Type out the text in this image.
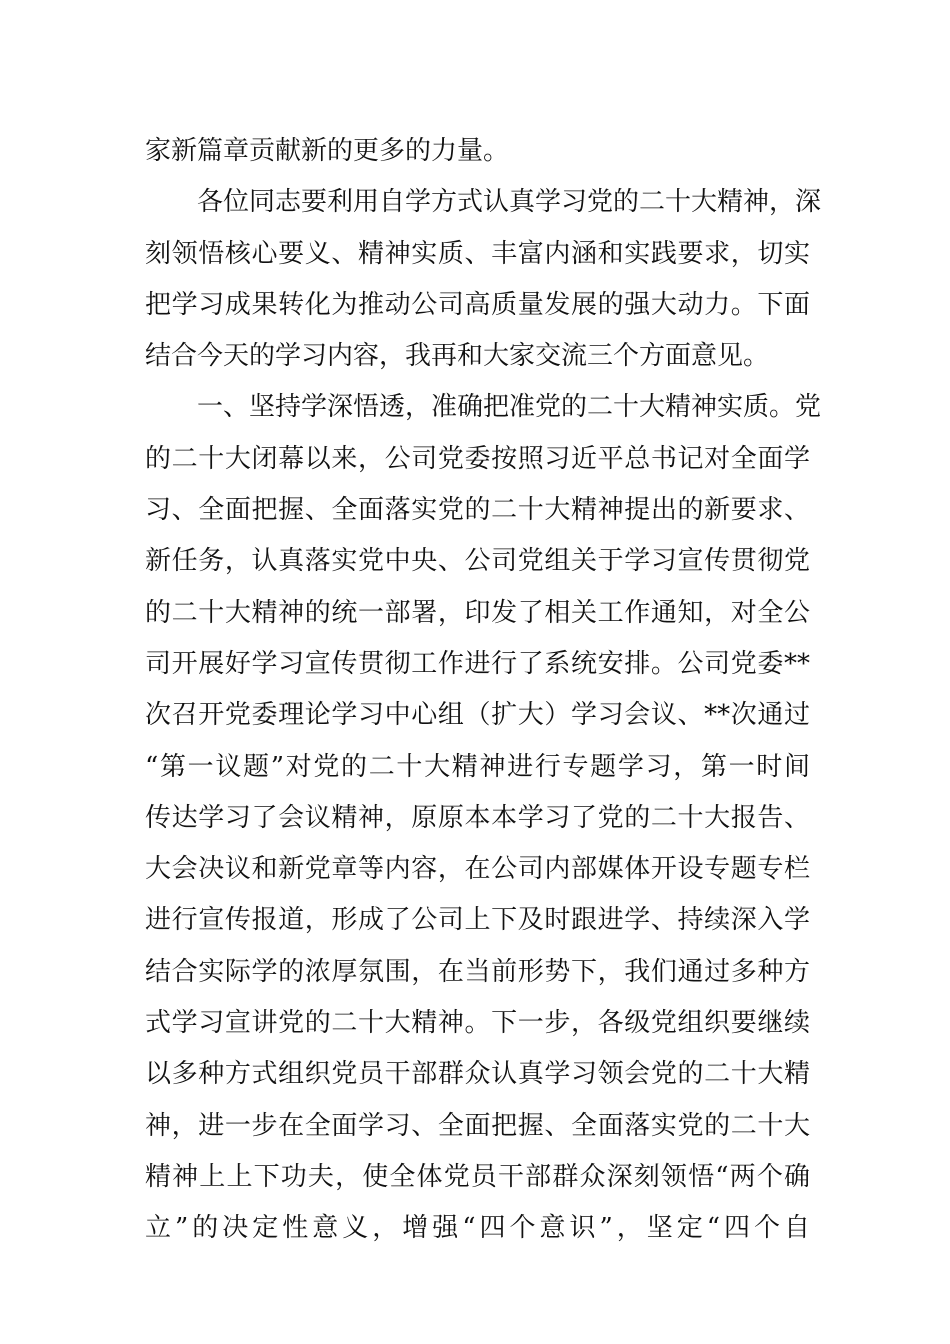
家新篇章贡献新的更多的力量。
　　各位同志要利用自学方式认真学习党的二十大精神，深
刻领悟核心要义、精神实质、丰富内涵和实践要求，切实
把学习成果转化为推动公司高质量发展的强大动力。下面
结合今天的学习内容，我再和大家交流三个方面意见。
　　一、坚持学深悟透，准确把准党的二十大精神实质。党
的二十大闭幕以来，公司党委按照习近平总书记对全面学
习、全面把握、全面落实党的二十大精神提出的新要求、
新任务，认真落实党中央、公司党组关于学习宣传贯彻党
的二十大精神的统一部署，印发了相关工作通知，对全公
司开展好学习宣传贯彻工作进行了系统安排。公司党委**
次召开党委理论学习中心组（扩大）学习会议、**次通过
“第一议题”对党的二十大精神进行专题学习，第一时间
传达学习了会议精神，原原本本学习了党的二十大报告、
大会决议和新党章等内容，在公司内部媒体开设专题专栏
进行宣传报道，形成了公司上下及时跟进学、持续深入学
结合实际学的浓厚氛围，在当前形势下，我们通过多种方
式学习宣讲党的二十大精神。下一步，各级党组织要继续
以多种方式组织党员干部群众认真学习领会党的二十大精
神，进一步在全面学习、全面把握、全面落实党的二十大
精神上上下功夫，使全体党员干部群众深刻领悟“两个确
立”的决定性意义，增强“四个意识”，坚定“四个自
